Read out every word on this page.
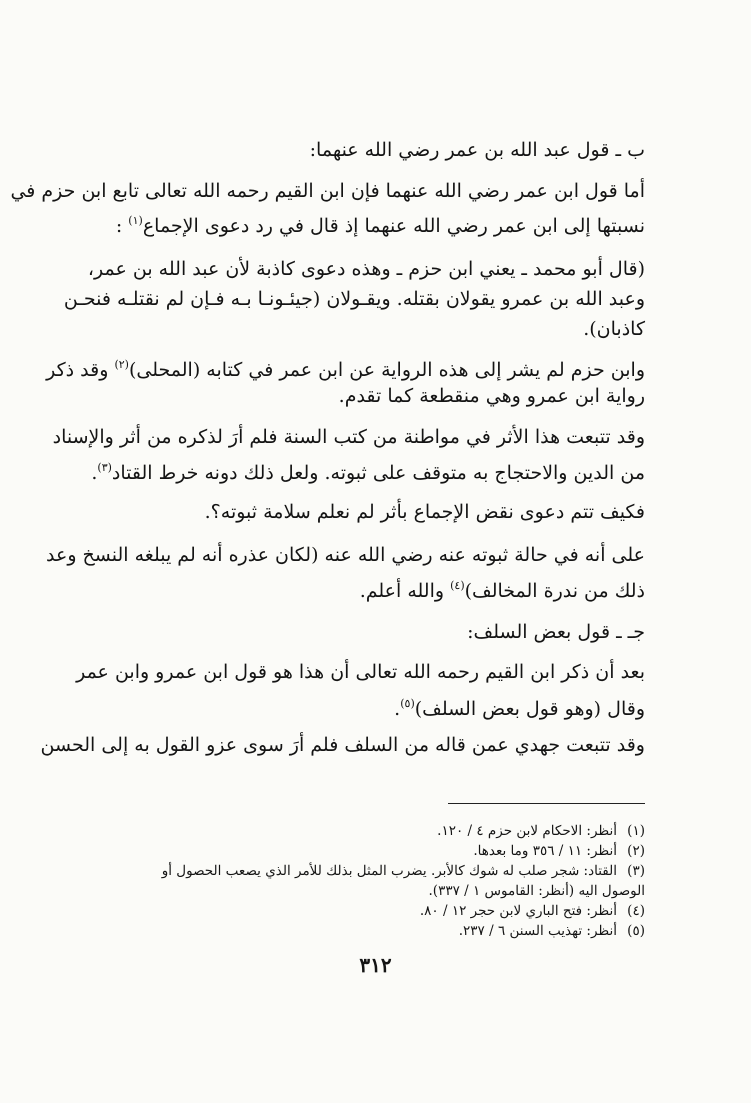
ب ـ قول عبد الله بن عمر رضي الله عنهما:
أما قول ابن عمر رضي الله عنهما فإن ابن القيم رحمه الله تعالى تابع ابن حزم في
نسبتها إلى ابن عمر رضي الله عنهما إذ قال في رد دعوى الإجماع$^{(١)}$ :
(قال أبو محمد ـ يعني ابن حزم ـ وهذه دعوى كاذبة لأن عبد الله بن عمر،
وعبد الله بن عمرو يقولان بقتله. ويقـولان (جيئـونـا بـه فـإن لم نقتلـه فنحـن
كاذبان).
وابن حزم لم يشر إلى هذه الرواية عن ابن عمر في كتابه (المحلى)$^{(٢)}$ وقد ذكر
رواية ابن عمرو وهي منقطعة كما تقدم.
وقد تتبعت هذا الأثر في مواطنة من كتب السنة فلم أرَ لذكره من أثر والإسناد
من الدين والاحتجاج به متوقف على ثبوته. ولعل ذلك دونه خرط القتاد$^{(٣)}$.
فكيف تتم دعوى نقض الإجماع بأثر لم نعلم سلامة ثبوته؟.
على أنه في حالة ثبوته عنه رضي الله عنه (لكان عذره أنه لم يبلغه النسخ وعد
ذلك من ندرة المخالف)$^{(٤)}$ والله أعلم.
جـ ـ قول بعض السلف:
بعد أن ذكر ابن القيم رحمه الله تعالى أن هذا هو قول ابن عمرو وابن عمر
وقال (وهو قول بعض السلف)$^{(٥)}$.
وقد تتبعت جهدي عمن قاله من السلف فلم أرَ سوى عزو القول به إلى الحسن
(١)أنظر: الاحكام لابن حزم ٤ / ١٢٠.
(٢)أنظر: ١١ / ٣٥٦ وما بعدها.
(٣)القتاد: شجر صلب له شوك كالأبر. يضرب المثل بذلك للأمر الذي يصعب الحصول أو
الوصول اليه (أنظر: القاموس ١ / ٣٣٧).
(٤)أنظر: فتح الباري لابن حجر ١٢ / ٨٠.
(٥)أنظر: تهذيب السنن ٦ / ٢٣٧.
٣١٢
